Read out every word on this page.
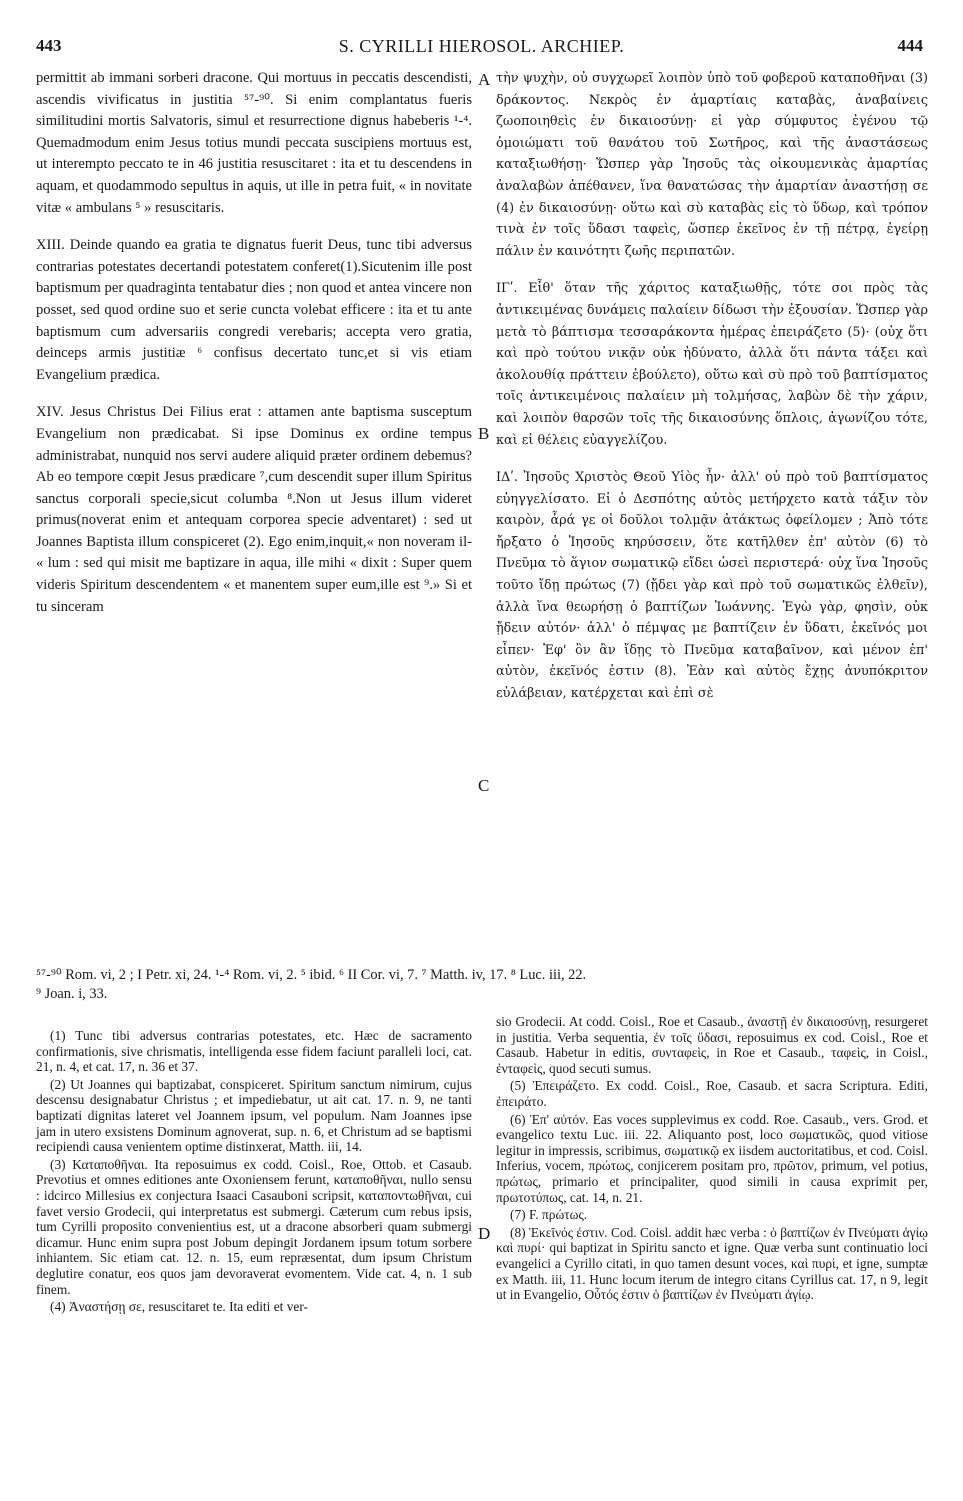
443	S. CYRILLI HIEROSOL. ARCHIEP.	444

permittit ab immani sorberi dracone. Qui mortuus in peccatis descendisti, ascendis vivificatus in justitia ⁵⁷-⁹⁰. Si enim complantatus fueris similitudini mortis Salvatoris, simul et resurrectione dignus habeberis ¹-⁴. Quemadmodum enim Jesus totius mundi peccata suscipiens mortuus est, ut interempto peccato te in 46 justitia resuscitaret : ita et tu descendens in aquam, et quodammodo sepultus in aquis, ut ille in petra fuit, « in novitate vitæ « ambulans ⁵ » resuscitaris.

XIII. Deinde quando ea gratia te dignatus fuerit Deus, tunc tibi adversus contrarias potestates decertandi potestatem conferet(1).Sicutenim ille post baptismum per quadraginta tentabatur dies ; non quod et antea vincere non posset, sed quod ordine suo et serie cuncta volebat efficere : ita et tu ante baptismum cum adversariis congredi verebaris; accepta vero gratia, deinceps armis justitiæ ⁶ confisus decertato tunc,et si vis etiam Evangelium prædica.

XIV. Jesus Christus Dei Filius erat : attamen ante baptisma susceptum Evangelium non prædicabat. Si ipse Dominus ex ordine tempus administrabat, nunquid nos servi audere aliquid præter ordinem debemus? Ab eo tempore cœpit Jesus prædicare ⁷,cum descendit super illum Spiritus sanctus corporali specie,sicut columba ⁸.Non ut Jesus illum videret primus(noverat enim et antequam corporea specie adventaret) : sed ut Joannes Baptista illum conspiceret (2). Ego enim,inquit,« non noveram il- « lum : sed qui misit me baptizare in aqua, ille mihi « dixit : Super quem videris Spiritum descendentem « et manentem super eum,ille est ⁹.» Si et tu sinceram

A
B
C
D

τὴν ψυχὴν, οὐ συγχωρεῖ λοιπὸν ὑπὸ τοῦ φοβεροῦ καταποθῆναι (3) δράκοντος. Νεκρὸς ἐν ἁμαρτίαις καταβὰς, ἀναβαίνεις ζωοποιηθεὶς ἐν δικαιοσύνῃ· εἰ γὰρ σύμφυτος ἐγένου τῷ ὁμοιώματι τοῦ θανάτου τοῦ Σωτῆρος, καὶ τῆς ἀναστάσεως καταξιωθήσῃ· Ὥσπερ γὰρ Ἰησοῦς τὰς οἰκουμενικὰς ἁμαρτίας ἀναλαβὼν ἀπέθανεν, ἵνα θανατώσας τὴν ἁμαρτίαν ἀναστήσῃ σε (4) ἐν δικαιοσύνῃ· οὕτω καὶ σὺ καταβὰς εἰς τὸ ὕδωρ, καὶ τρόπον τινὰ ἐν τοῖς ὕδασι ταφεὶς, ὥσπερ ἐκεῖνος ἐν τῇ πέτρᾳ, ἐγείρῃ πάλιν ἐν καινότητι ζωῆς περιπατῶν.

ΙΓʹ. Εἶθ' ὅταν τῆς χάριτος καταξιωθῇς, τότε σοι πρὸς τὰς ἀντικειμένας δυνάμεις παλαίειν δίδωσι τὴν ἐξουσίαν. Ὥσπερ γὰρ μετὰ τὸ βάπτισμα τεσσαράκοντα ἡμέρας ἐπειράζετο (5)· (οὐχ ὅτι καὶ πρὸ τούτου νικᾷν οὐκ ἠδύνατο, ἀλλὰ ὅτι πάντα τάξει καὶ ἀκολουθίᾳ πράττειν ἐβούλετο), οὕτω καὶ σὺ πρὸ τοῦ βαπτίσματος τοῖς ἀντικειμένοις παλαίειν μὴ τολμήσας, λαβὼν δὲ τὴν χάριν, καὶ λοιπὸν θαρσῶν τοῖς τῆς δικαιοσύνης ὅπλοις, ἀγωνίζου τότε, καὶ εἰ θέλεις εὐαγγελίζου.

ΙΔʹ. Ἰησοῦς Χριστὸς Θεοῦ Υἱὸς ἦν· ἀλλ' οὐ πρὸ τοῦ βαπτίσματος εὐηγγελίσατο. Εἰ ὁ Δεσπότης αὐτὸς μετήρχετο κατὰ τάξιν τὸν καιρὸν, ἆρά γε οἱ δοῦλοι τολμᾷν ἀτάκτως ὀφείλομεν ; Ἀπὸ τότε ἤρξατο ὁ Ἰησοῦς κηρύσσειν, ὅτε κατῆλθεν ἐπ' αὐτὸν (6) τὸ Πνεῦμα τὸ ἅγιον σωματικῷ εἴδει ὡσεὶ περιστερά· οὐχ ἵνα Ἰησοῦς τοῦτο ἴδῃ πρώτως (7) (ᾔδει γὰρ καὶ πρὸ τοῦ σωματικῶς ἐλθεῖν), ἀλλὰ ἵνα θεωρήσῃ ὁ βαπτίζων Ἰωάννης. Ἐγὼ γὰρ, φησὶν, οὐκ ᾔδειν αὐτόν· ἀλλ' ὁ πέμψας με βαπτίζειν ἐν ὕδατι, ἐκεῖνός μοι εἶπεν· Ἐφ' ὃν ἂν ἴδῃς τὸ Πνεῦμα καταβαῖνον, καὶ μένον ἐπ' αὐτὸν, ἐκεῖνός ἐστιν (8). Ἐὰν καὶ αὐτὸς ἔχῃς ἀνυπόκριτον εὐλάβειαν, κατέρχεται καὶ ἐπὶ σὲ

⁵⁷-⁹⁰ Rom. vi, 2 ; I Petr. xi, 24. ¹-⁴ Rom. vi, 2. ⁵ ibid. ⁶ II Cor. vi, 7. ⁷ Matth. iv, 17. ⁸ Luc. iii, 22.

⁹ Joan. i, 33.

(1) Tunc tibi adversus contrarias potestates, etc. Hæc de sacramento confirmationis, sive chrismatis, intelligenda esse fidem faciunt paralleli loci, cat. 21, n. 4, et cat. 17, n. 36 et 37.

(2) Ut Joannes qui baptizabat, conspiceret. Spiritum sanctum nimirum, cujus descensu designabatur Christus ; et impediebatur, ut ait cat. 17. n. 9, ne tanti baptizati dignitas lateret vel Joannem ipsum, vel populum. Nam Joannes ipse jam in utero exsistens Dominum agnoverat, sup. n. 6, et Christum ad se baptismi recipiendi causa venientem optime distinxerat, Matth. iii, 14.

(3) Καταποθῆναι. Ita reposuimus ex codd. Coisl., Roe, Ottob. et Casaub. Prevotius et omnes editiones ante Oxoniensem ferunt, καταποθῆναι, nullo sensu : idcirco Millesius ex conjectura Isaaci Casauboni scripsit, καταποντωθῆναι, cui favet versio Grodecii, qui interpretatus est submergi. Cæterum cum rebus ipsis, tum Cyrilli proposito convenientius est, ut a dracone absorberi quam submergi dicamur. Hunc enim supra post Jobum depingit Jordanem ipsum totum sorbere inhiantem. Sic etiam cat. 12. n. 15, eum repræsentat, dum ipsum Christum deglutire conatur, eos quos jam devoraverat evomentem. Vide cat. 4, n. 1 sub finem.

(4) Ἀναστήσῃ σε, resuscitaret te. Ita editi et ver-

sio Grodecii. At codd. Coisl., Roe et Casaub., ἀναστῇ ἐν δικαιοσύνῃ, resurgeret in justitia. Verba sequentia, ἐν τοῖς ὕδασι, reposuimus ex cod. Coisl., Roe et Casaub. Habetur in editis, συνταφεὶς, in Roe et Casaub., ταφεὶς, in Coisl., ἐνταφεὶς, quod secuti sumus.

(5) Ἐπειράζετο. Ex codd. Coisl., Roe, Casaub. et sacra Scriptura. Editi, ἐπειράτο.

(6) Ἐπ' αὐτόν. Eas voces supplevimus ex codd. Roe. Casaub., vers. Grod. et evangelico textu Luc. iii. 22. Aliquanto post, loco σωματικῶς, quod vitiose legitur in impressis, scribimus, σωματικῷ ex iisdem auctoritatibus, et cod. Coisl. Inferius, vocem, πρώτως, conjicerem positam pro, πρῶτον, primum, vel potius, πρώτως, primario et principaliter, quod simili in causa exprimit per, πρωτοτύπως, cat. 14, n. 21.

(7) F. πρώτως.

(8) Ἐκεῖνός ἐστιν. Cod. Coisl. addit hæc verba : ὁ βαπτίζων ἐν Πνεύματι ἁγίῳ καὶ πυρί· qui baptizat in Spiritu sancto et igne. Quæ verba sunt continuatio loci evangelici a Cyrillo citati, in quo tamen desunt voces, καὶ πυρὶ, et igne, sumptæ ex Matth. iii, 11. Hunc locum iterum de integro citans Cyrillus cat. 17, n 9, legit ut in Evangelio, Οὗτός ἐστιν ὁ βαπτίζων ἐν Πνεύματι ἁγίῳ.
